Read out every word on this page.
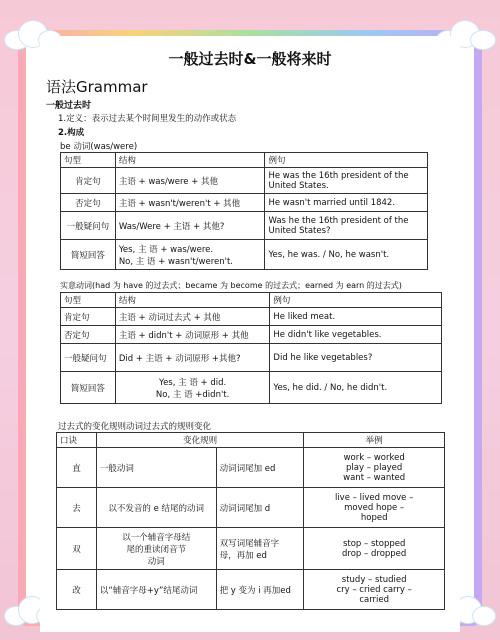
一般过去时&一般将来时
语法Grammar
一般过去时
1.定义：表示过去某个时间里发生的动作或状态
2.构成
be 动词(was/were)
句型	结构	例句
肯定句	主语 + was/were + 其他	He was the 16th president of the United States.
否定句	主语 + wasn't/weren't + 其他	He wasn't married until 1842.
一般疑问句	Was/Were + 主语 + 其他?	Was he the 16th president of the United States?
简短回答	Yes, 主 语 + was/were.
No, 主 语 + wasn't/weren't.	Yes, he was. / No, he wasn't.
实意动词(had 为 have 的过去式；became 为 become 的过去式；earned 为 earn 的过去式)
句型	结构	例句
肯定句	主语 + 动词过去式 + 其他	He liked meat.
否定句	主语 + didn't + 动词原形 + 其他	He didn't like vegetables.
一般疑问句	Did + 主语 + 动词原形 +其他?	Did he like vegetables?
简短回答	Yes, 主 语 + did.
No, 主 语 +didn't.	Yes, he did. / No, he didn't.
过去式的变化规则动词过去式的规则变化
口诀	变化规则		举例
直	一般动词	动词词尾加 ed	work – worked
play – played
want – wanted
去	以不发音的 e 结尾的动词	动词词尾加 d	live – lived move –
moved hope –
hoped
双	以一个辅音字母结
尾的重读闭音节
动词	双写词尾辅音字
母，再加 ed	stop – stopped
drop – dropped
改	以“辅音字母+y”结尾动词	把 y 变为 i 再加ed	study – studied
cry – cried carry –
carried
